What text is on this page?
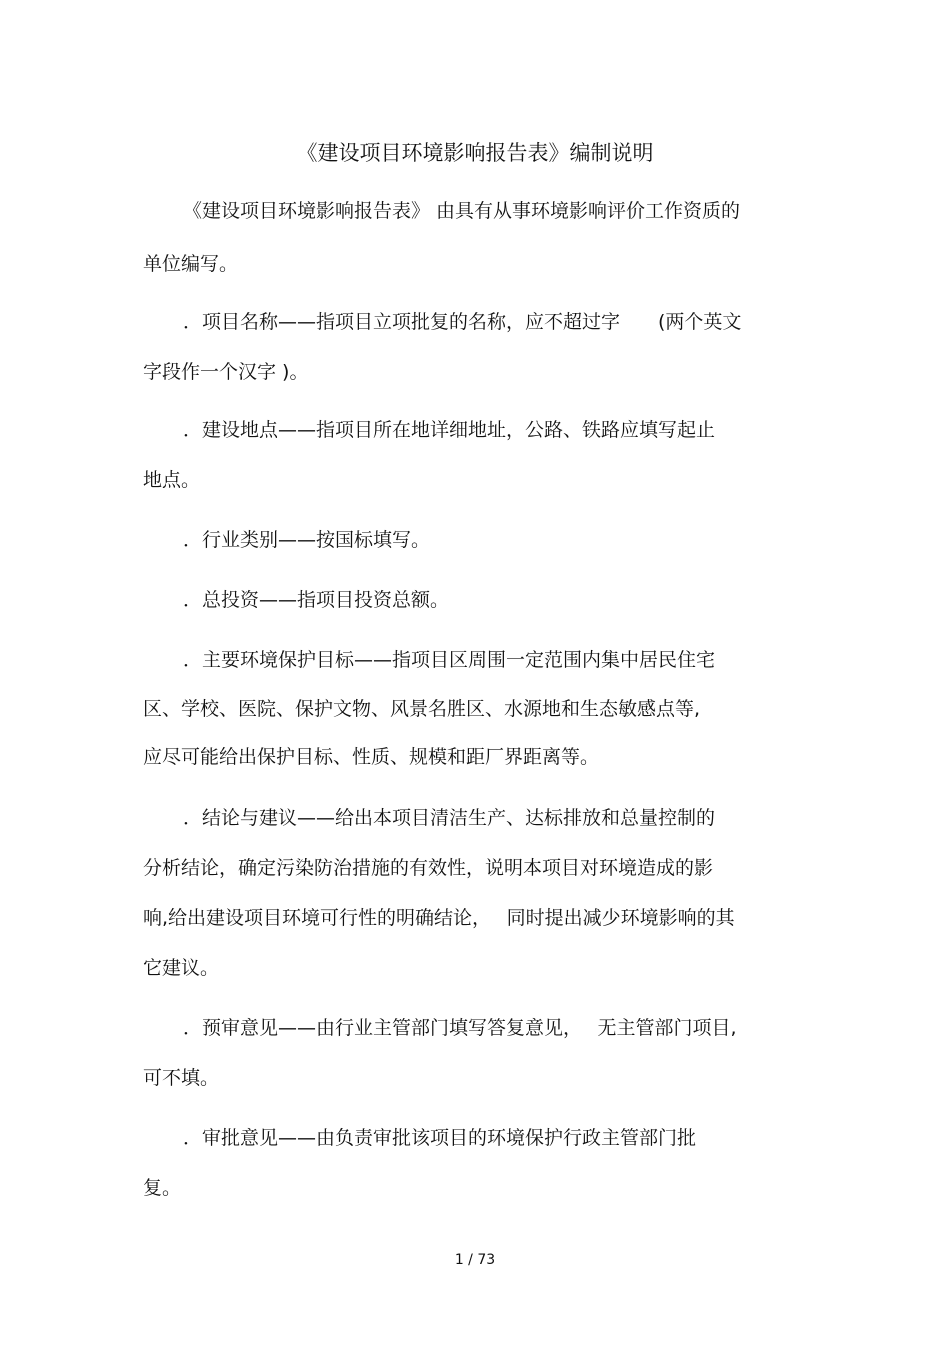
《建设项目环境影响报告表》编制说明
《建设项目环境影响报告表》 由具有从事环境影响评价工作资质的
单位编写。
．项目名称——指项目立项批复的名称，应不超过字　　(两个英文
字段作一个汉字 )。
．建设地点——指项目所在地详细地址，公路、铁路应填写起止
地点。
．行业类别——按国标填写。
．总投资——指项目投资总额。
．主要环境保护目标——指项目区周围一定范围内集中居民住宅
区、学校、医院、保护文物、风景名胜区、水源地和生态敏感点等,
应尽可能给出保护目标、性质、规模和距厂界距离等。
．结论与建议——给出本项目清洁生产、达标排放和总量控制的
分析结论，确定污染防治措施的有效性，说明本项目对环境造成的影
响,给出建设项目环境可行性的明确结论，　 同时提出减少环境影响的其
它建议。
．预审意见——由行业主管部门填写答复意见，　 无主管部门项目,
可不填。
．审批意见——由负责审批该项目的环境保护行政主管部门批
复。
1 / 73
